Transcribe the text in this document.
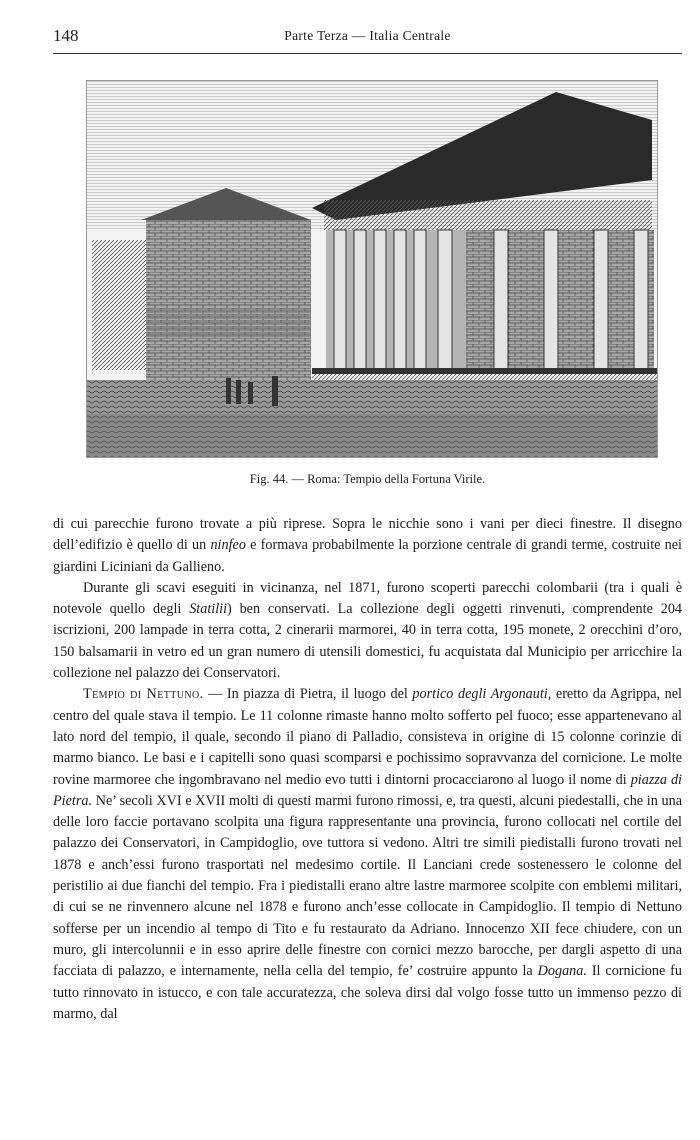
148	Parte Terza — Italia Centrale
Fig. 44. — Roma: Tempio della Fortuna Virile.

di cui parecchie furono trovate a più riprese. Sopra le nicchie sono i vani per dieci finestre. Il disegno dell’edifizio è quello di un ninfeo e formava probabilmente la porzione centrale di grandi terme, costruite nei giardini Liciniani da Gallieno.

Durante gli scavi eseguiti in vicinanza, nel 1871, furono scoperti parecchi colombarii (tra i quali è notevole quello degli Statilii) ben conservati. La collezione degli oggetti rinvenuti, comprendente 204 iscrizioni, 200 lampade in terra cotta, 2 cinerarii marmorei, 40 in terra cotta, 195 monete, 2 orecchini d’oro, 150 balsamarii in vetro ed un gran numero di utensili domestici, fu acquistata dal Municipio per arricchire la collezione nel palazzo dei Conservatori.

Tempio di Nettuno. — In piazza di Pietra, il luogo del portico degli Argonauti, eretto da Agrippa, nel centro del quale stava il tempio. Le 11 colonne rimaste hanno molto sofferto pel fuoco; esse appartenevano al lato nord del tempio, il quale, secondo il piano di Palladio, consisteva in origine di 15 colonne corinzie di marmo bianco. Le basi e i capitelli sono quasi scomparsi e pochissimo sopravvanza del cornicione. Le molte rovine marmoree che ingombravano nel medio evo tutti i dintorni procacciarono al luogo il nome di piazza di Pietra. Ne’ secoli XVI e XVII molti di questi marmi furono rimossi, e, tra questi, alcuni piedestalli, che in una delle loro faccie portavano scolpita una figura rappresentante una provincia, furono collocati nel cortile del palazzo dei Conservatori, in Campidoglio, ove tuttora si vedono. Altri tre simili piedistalli furono trovati nel 1878 e anch’essi furono trasportati nel medesimo cortile. Il Lanciani crede sostenessero le colonne del peristilio ai due fianchi del tempio. Fra i piedistalli erano altre lastre marmoree scolpite con emblemi militari, di cui se ne rinvennero alcune nel 1878 e furono anch’esse collocate in Campidoglio. Il tempio di Nettuno sofferse per un incendio al tempo di Tito e fu restaurato da Adriano. Innocenzo XII fece chiudere, con un muro, gli intercolunnii e in esso aprire delle finestre con cornici mezzo barocche, per dargli aspetto di una facciata di palazzo, e internamente, nella cella del tempio, fe’ costruire appunto la Dogana. Il cornicione fu tutto rinnovato in istucco, e con tale accuratezza, che soleva dirsi dal volgo fosse tutto un immenso pezzo di marmo, dal
